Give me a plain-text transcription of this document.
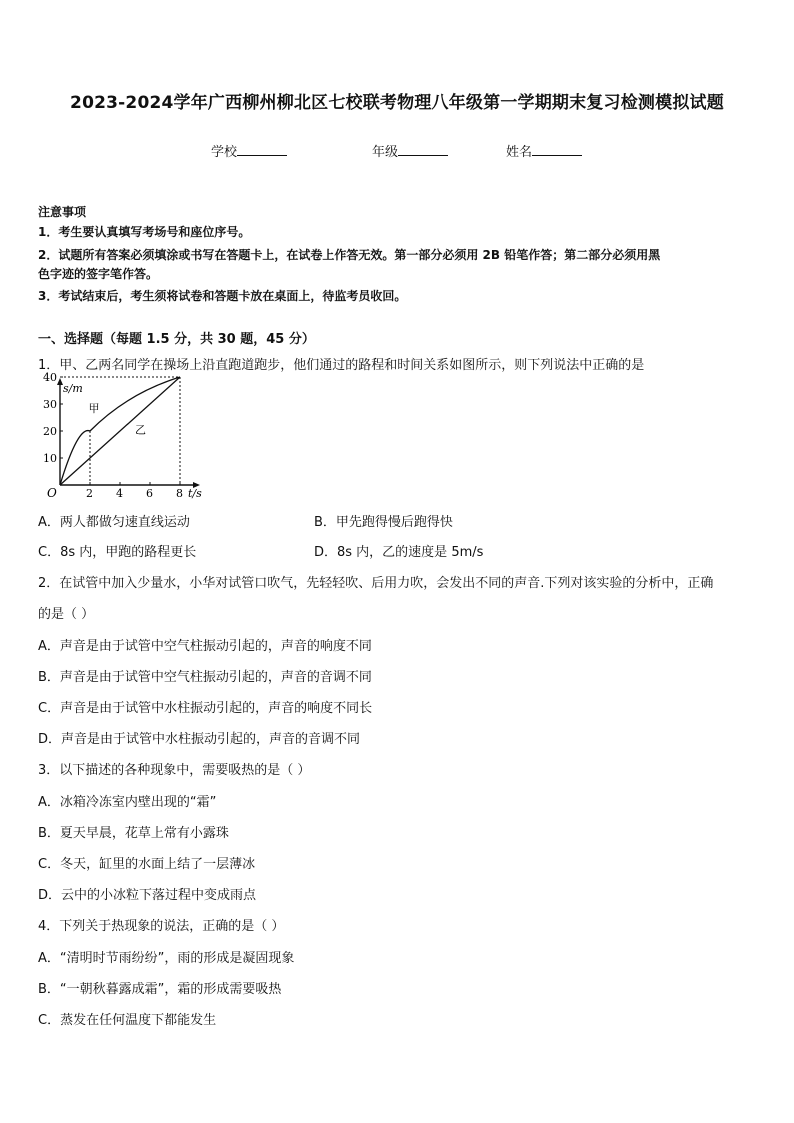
2023-2024学年广西柳州柳北区七校联考物理八年级第一学期期末复习检测模拟试题
学校	年级	姓名
注意事项
1．考生要认真填写考场号和座位序号。
2．试题所有答案必须填涂或书写在答题卡上，在试卷上作答无效。第一部分必须用 2B 铅笔作答；第二部分必须用黑
色字迹的签字笔作答。
3．考试结束后，考生须将试卷和答题卡放在桌面上，待监考员收回。
一、选择题（每题 1.5 分，共 30 题，45 分）
1．甲、乙两名同学在操场上沿直跑道跑步，他们通过的路程和时间关系如图所示，则下列说法中正确的是
s/m
t/s
O	2 4 6 8
10
20
30
40
甲
乙
A．两人都做匀速直线运动	B．甲先跑得慢后跑得快
C．8s 内，甲跑的路程更长	D．8s 内，乙的速度是 5m/s
2．在试管中加入少量水，小华对试管口吹气，先轻轻吹、后用力吹，会发出不同的声音.下列对该实验的分析中，正确
的是（ ）
A．声音是由于试管中空气柱振动引起的，声音的响度不同
B．声音是由于试管中空气柱振动引起的，声音的音调不同
C．声音是由于试管中水柱振动引起的，声音的响度不同长
D．声音是由于试管中水柱振动引起的，声音的音调不同
3．以下描述的各种现象中，需要吸热的是（ ）
A．冰箱冷冻室内壁出现的“霜”
B．夏天早晨，花草上常有小露珠
C．冬天，缸里的水面上结了一层薄冰
D．云中的小冰粒下落过程中变成雨点
4．下列关于热现象的说法，正确的是（ ）
A．“清明时节雨纷纷”，雨的形成是凝固现象
B．“一朝秋暮露成霜”，霜的形成需要吸热
C．蒸发在任何温度下都能发生
